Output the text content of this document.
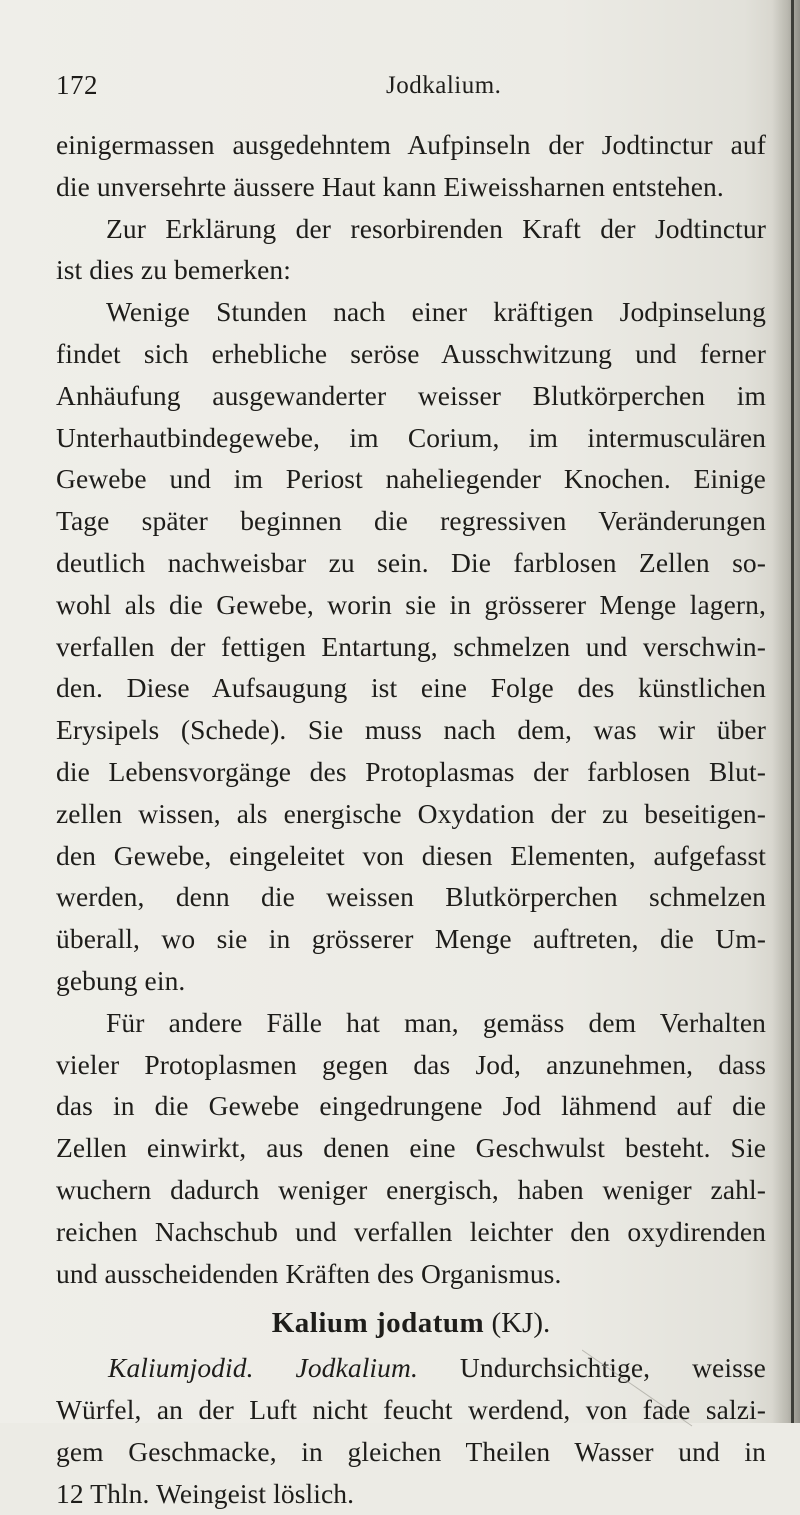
172	Jodkalium.
einigermassen ausgedehntem Aufpinseln der Jodtinctur auf
die unversehrte äussere Haut kann Eiweissharnen entstehen.
Zur Erklärung der resorbirenden Kraft der Jodtinctur
ist dies zu bemerken:
Wenige Stunden nach einer kräftigen Jodpinselung
findet sich erhebliche seröse Ausschwitzung und ferner
Anhäufung ausgewanderter weisser Blutkörperchen im
Unterhautbindegewebe, im Corium, im intermusculären
Gewebe und im Periost naheliegender Knochen. Einige
Tage später beginnen die regressiven Veränderungen
deutlich nachweisbar zu sein. Die farblosen Zellen so-
wohl als die Gewebe, worin sie in grösserer Menge lagern,
verfallen der fettigen Entartung, schmelzen und verschwin-
den. Diese Aufsaugung ist eine Folge des künstlichen
Erysipels (Schede). Sie muss nach dem, was wir über
die Lebensvorgänge des Protoplasmas der farblosen Blut-
zellen wissen, als energische Oxydation der zu beseitigen-
den Gewebe, eingeleitet von diesen Elementen, aufgefasst
werden, denn die weissen Blutkörperchen schmelzen
überall, wo sie in grösserer Menge auftreten, die Um-
gebung ein.
Für andere Fälle hat man, gemäss dem Verhalten
vieler Protoplasmen gegen das Jod, anzunehmen, dass
das in die Gewebe eingedrungene Jod lähmend auf die
Zellen einwirkt, aus denen eine Geschwulst besteht. Sie
wuchern dadurch weniger energisch, haben weniger zahl-
reichen Nachschub und verfallen leichter den oxydirenden
und ausscheidenden Kräften des Organismus.
Kalium jodatum (KJ).
Kaliumjodid. Jodkalium. Undurchsichtige, weisse
Würfel, an der Luft nicht feucht werdend, von fade salzi-
gem Geschmacke, in gleichen Theilen Wasser und in
12 Thln. Weingeist löslich.
